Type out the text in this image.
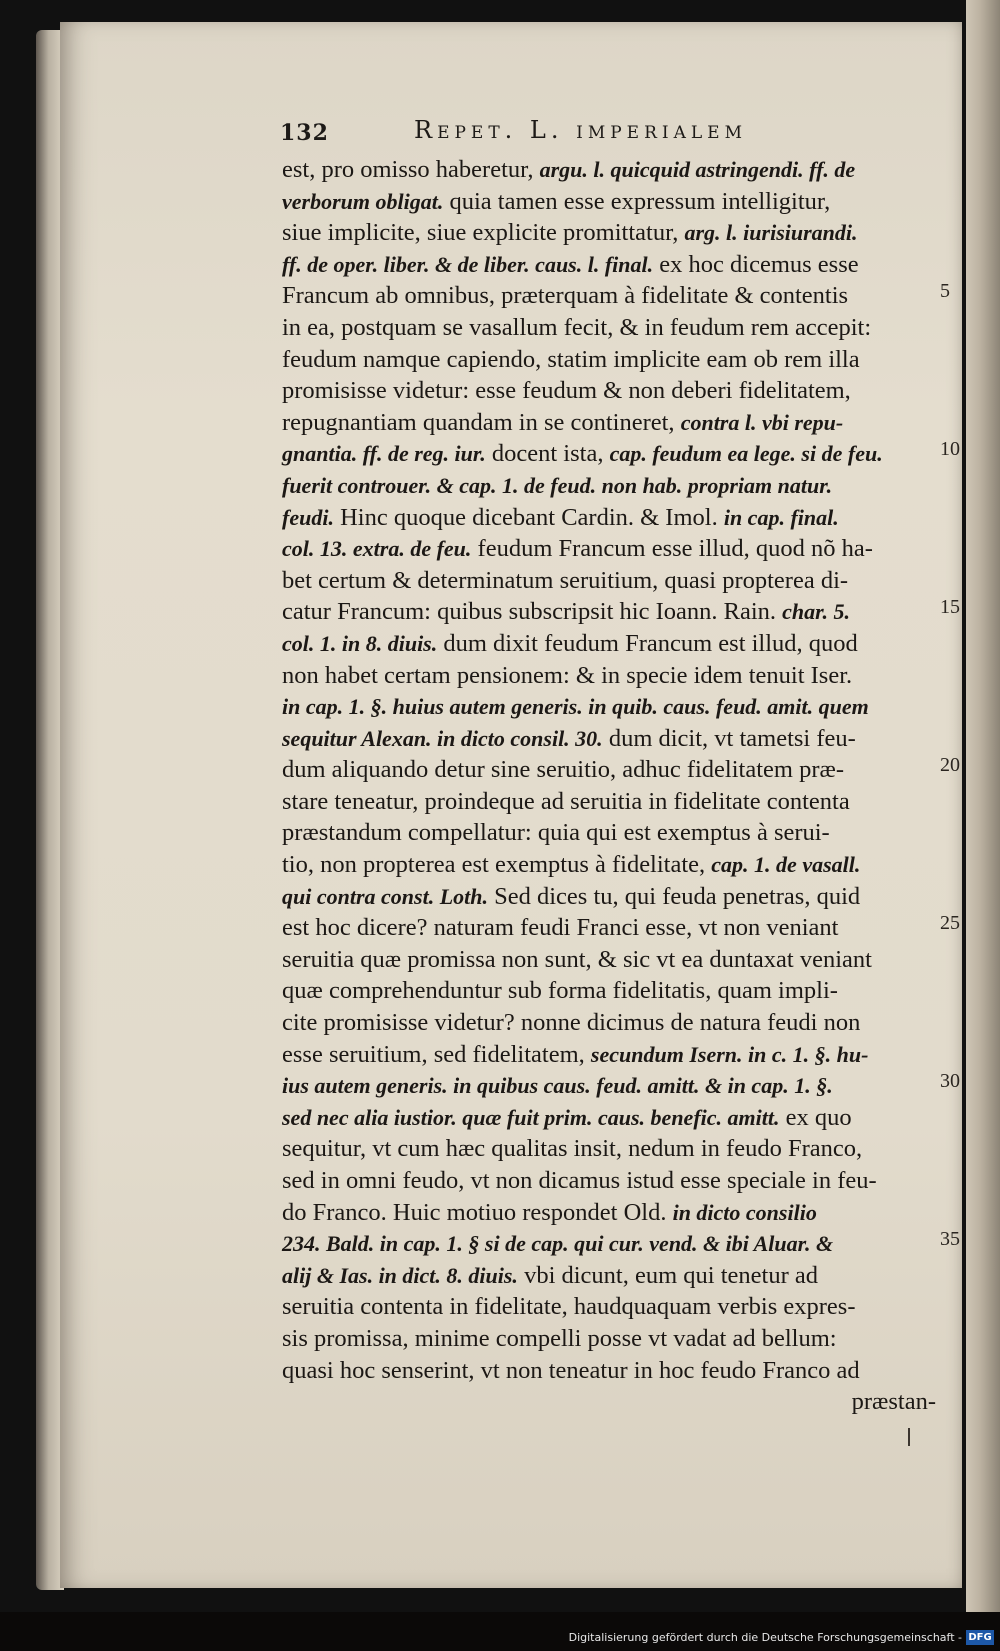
132	Repet. L. imperialem
est, pro omisso haberetur, argu. l. quicquid astringendi. ff. de
verborum obligat. quia tamen esse expressum intelligitur,
siue implicite, siue explicite promittatur, arg. l. iurisiurandi.
ff. de oper. liber. & de liber. caus. l. final. ex hoc dicemus esse
Francum ab omnibus, præterquam à fidelitate & contentis
in ea, postquam se vasallum fecit, & in feudum rem accepit:
feudum namque capiendo, statim implicite eam ob rem illa
promisisse videtur: esse feudum & non deberi fidelitatem,
repugnantiam quandam in se contineret, contra l. vbi repu-
gnantia. ff. de reg. iur. docent ista, cap. feudum ea lege. si de feu.
fuerit controuer. & cap. 1. de feud. non hab. propriam natur.
feudi. Hinc quoque dicebant Cardin. & Imol. in cap. final.
col. 13. extra. de feu. feudum Francum esse illud, quod nõ ha-
bet certum & determinatum seruitium, quasi propterea di-
catur Francum: quibus subscripsit hic Ioann. Rain. char. 5.
col. 1. in 8. diuis. dum dixit feudum Francum est illud, quod
non habet certam pensionem: & in specie idem tenuit Iser.
in cap. 1. §. huius autem generis. in quib. caus. feud. amit. quem
sequitur Alexan. in dicto consil. 30. dum dicit, vt tametsi feu-
dum aliquando detur sine seruitio, adhuc fidelitatem præ-
stare teneatur, proindeque ad seruitia in fidelitate contenta
præstandum compellatur: quia qui est exemptus à serui-
tio, non propterea est exemptus à fidelitate, cap. 1. de vasall.
qui contra const. Loth. Sed dices tu, qui feuda penetras, quid
est hoc dicere? naturam feudi Franci esse, vt non veniant
seruitia quæ promissa non sunt, & sic vt ea duntaxat veniant
quæ comprehenduntur sub forma fidelitatis, quam impli-
cite promisisse videtur? nonne dicimus de natura feudi non
esse seruitium, sed fidelitatem, secundum Isern. in c. 1. §. hu-
ius autem generis. in quibus caus. feud. amitt. & in cap. 1. §.
sed nec alia iustior. quæ fuit prim. caus. benefic. amitt. ex quo
sequitur, vt cum hæc qualitas insit, nedum in feudo Franco,
sed in omni feudo, vt non dicamus istud esse speciale in feu-
do Franco. Huic motiuo respondet Old. in dicto consilio
234. Bald. in cap. 1. § si de cap. qui cur. vend. & ibi Aluar. &
alij & Ias. in dict. 8. diuis. vbi dicunt, eum qui tenetur ad
seruitia contenta in fidelitate, haudquaquam verbis expres-
sis promissa, minime compelli posse vt vadat ad bellum:
quasi hoc senserint, vt non teneatur in hoc feudo Franco ad
præstan-
5
10
15
20
25
30
35
Digitalisierung gefördert durch die Deutsche Forschungsgemeinschaft - DFG
